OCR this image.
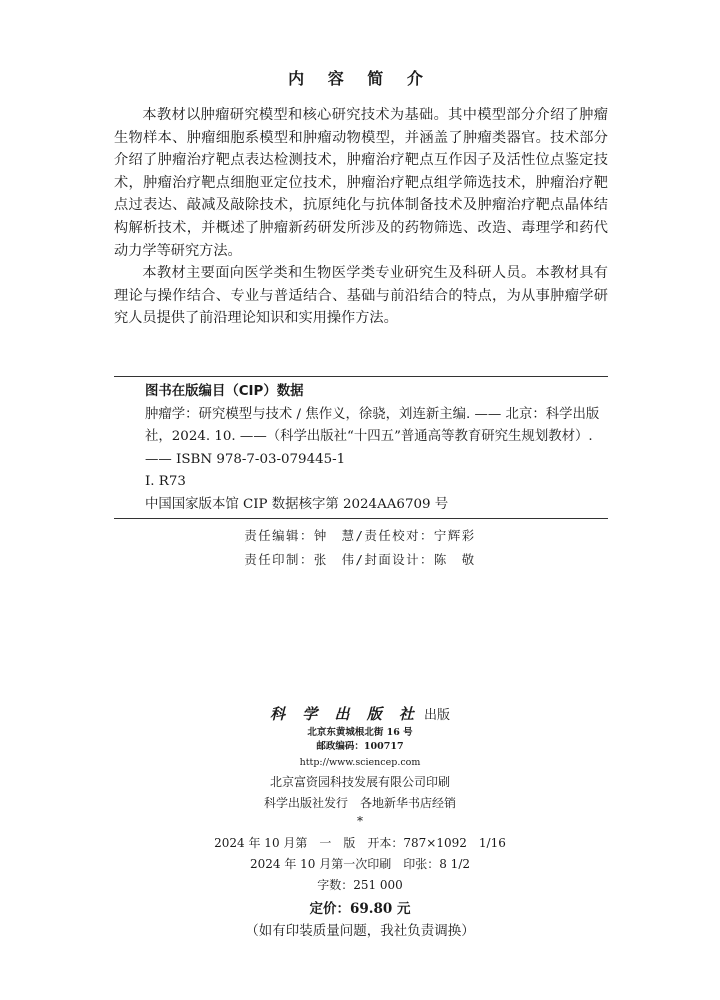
内 容 简 介

本教材以肿瘤研究模型和核心研究技术为基础。其中模型部分介绍了肿瘤生物样本、肿瘤细胞系模型和肿瘤动物模型，并涵盖了肿瘤类器官。技术部分介绍了肿瘤治疗靶点表达检测技术，肿瘤治疗靶点互作因子及活性位点鉴定技术，肿瘤治疗靶点细胞亚定位技术，肿瘤治疗靶点组学筛选技术，肿瘤治疗靶点过表达、敲减及敲除技术，抗原纯化与抗体制备技术及肿瘤治疗靶点晶体结构解析技术，并概述了肿瘤新药研发所涉及的药物筛选、改造、毒理学和药代动力学等研究方法。

本教材主要面向医学类和生物医学类专业研究生及科研人员。本教材具有理论与操作结合、专业与普适结合、基础与前沿结合的特点，为从事肿瘤学研究人员提供了前沿理论知识和实用操作方法。

图书在版编目（CIP）数据

肿瘤学：研究模型与技术 / 焦作义，徐骁，刘连新主编. —— 北京：科学出版社，2024. 10. ——（科学出版社“十四五”普通高等教育研究生规划教材）. —— ISBN 978-7-03-079445-1

Ⅰ. R73
中国国家版本馆 CIP 数据核字第 2024AA6709 号
责任编辑：钟　慧/责任校对：宁辉彩
责任印制：张　伟/封面设计：陈　敬
科 学 出 版 社 出版
北京东黄城根北街 16 号
邮政编码：100717
http://www.sciencep.com
北京富资园科技发展有限公司印刷
科学出版社发行　各地新华书店经销
*
2024 年 10 月第　一　版　开本：787×1092　1/16
2024 年 10 月第一次印刷　印张：8 1/2
字数：251 000
定价：69.80 元
（如有印装质量问题，我社负责调换）
